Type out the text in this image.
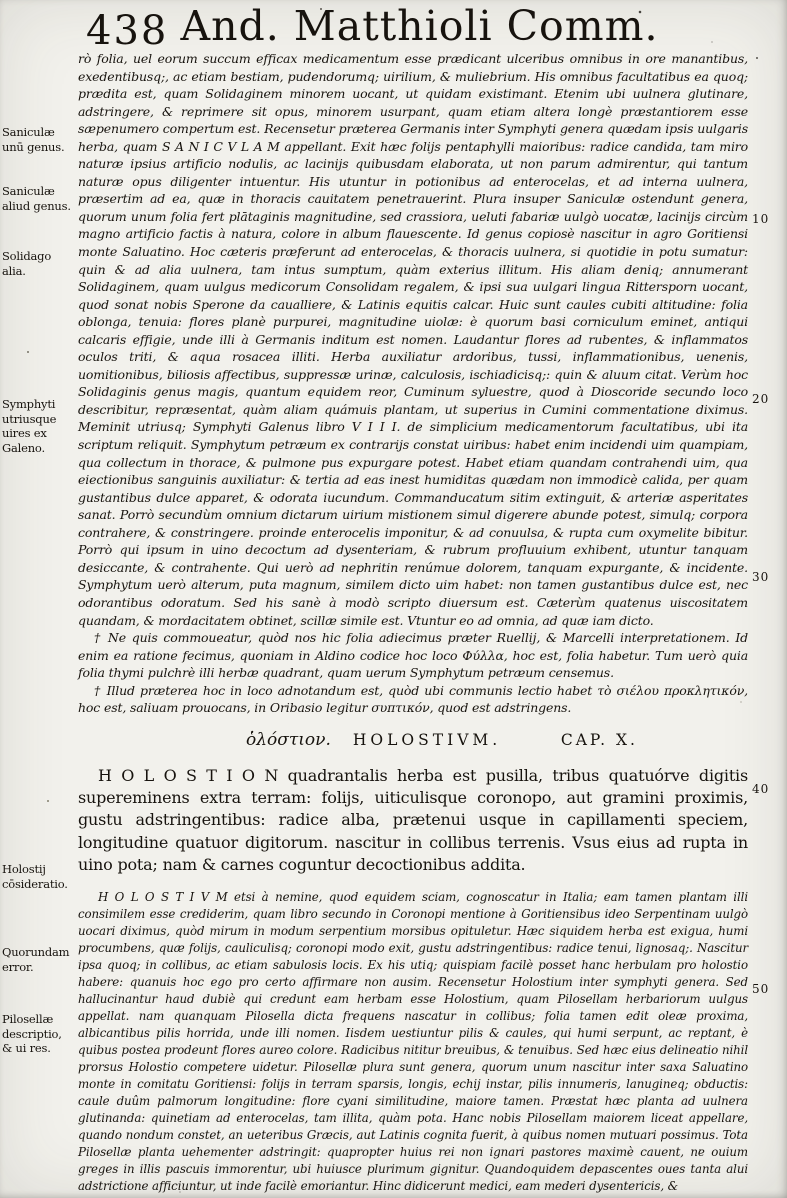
438 And. Matthioli Comm.
Saniculæ unū genus.
Saniculæ aliud genus.
Solidago alia.
Symphyti utriusque uires ex Galeno.
Holostij cōsideratio.
Quorundam error.
Pilosellæ descriptio, & ui res.
10
20
30
40
50

rò folia, uel eorum succum efficax medicamentum esse prædicant ulceribus omnibus in ore manantibus, exedentibusq;, ac etiam bestiam, pudendorumq; uirilium, & muliebrium. His omnibus facultatibus ea quoq; prædita est, quam Solidaginem minorem uocant, ut quidam existimant. Etenim ubi uulnera glutinare, adstringere, & reprimere sit opus, minorem usurpant, quam etiam altera longè præstantiorem esse sæpenumero compertum est. Recensetur præterea Germanis inter Symphyti genera quædam ipsis uulgaris herba, quam S A N I C V L A M appellant. Exit hæc folijs pentaphylli maioribus: radice candida, tam miro naturæ ipsius artificio nodulis, ac lacinijs quibusdam elaborata, ut non parum admirentur, qui tantum naturæ opus diligenter intuentur. His utuntur in potionibus ad enterocelas, et ad interna uulnera, præsertim ad ea, quæ in thoracis cauitatem penetrauerint. Plura insuper Saniculæ ostendunt genera, quorum unum folia fert plātaginis magnitudine, sed crassiora, ueluti fabariæ uulgò uocatæ, lacinijs circùm magno artificio factis à natura, colore in album flauescente. Id genus copiosè nascitur in agro Goritiensi monte Saluatino. Hoc cæteris præferunt ad enterocelas, & thoracis uulnera, si quotidie in potu sumatur: quin & ad alia uulnera, tam intus sumptum, quàm exterius illitum. His aliam deniq; annumerant Solidaginem, quam uulgus medicorum Consolidam regalem, & ipsi sua uulgari lingua Rittersporn uocant, quod sonat nobis Sperone da caualliere, & Latinis equitis calcar. Huic sunt caules cubiti altitudine: folia oblonga, tenuia: flores planè purpurei, magnitudine uiolæ: è quorum basi corniculum eminet, antiqui calcaris effigie, unde illi à Germanis inditum est nomen. Laudantur flores ad rubentes, & inflammatos oculos triti, & aqua rosacea illiti. Herba auxiliatur ardoribus, tussi, inflammationibus, uenenis, uomitionibus, biliosis affectibus, suppressæ urinæ, calculosis, ischiadicisq;: quin & aluum citat. Verùm hoc Solidaginis genus magis, quantum equidem reor, Cuminum syluestre, quod à Dioscoride secundo loco describitur, repræsentat, quàm aliam quámuis plantam, ut superius in Cumini commentatione diximus. Meminit utriusq; Symphyti Galenus libro V I I I. de simplicium medicamentorum facultatibus, ubi ita scriptum reliquit. Symphytum petræum ex contrarijs constat uiribus: habet enim incidendi uim quampiam, qua collectum in thorace, & pulmone pus expurgare potest. Habet etiam quandam contrahendi uim, qua eiectionibus sanguinis auxiliatur: & tertia ad eas inest humiditas quædam non immodicè calida, per quam gustantibus dulce apparet, & odorata iucundum. Commanducatum sitim extinguit, & arteriæ asperitates sanat. Porrò secundùm omnium dictarum uirium mistionem simul digerere abunde potest, simulq; corpora contrahere, & constringere. proinde enterocelis imponitur, & ad conuulsa, & rupta cum oxymelite bibitur. Porrò qui ipsum in uino decoctum ad dysenteriam, & rubrum profluuium exhibent, utuntur tanquam desiccante, & contrahente. Qui uerò ad nephritin renúmue dolorem, tanquam expurgante, & incidente. Symphytum uerò alterum, puta magnum, similem dicto uim habet: non tamen gustantibus dulce est, nec odorantibus odoratum. Sed his sanè à modò scripto diuersum est. Cæterùm quatenus uiscositatem quandam, & mordacitatem obtinet, scillæ simile est. Vtuntur eo ad omnia, ad quæ iam dicto.

† Ne quis commoueatur, quòd nos hic folia adiecimus præter Ruellij, & Marcelli interpretationem. Id enim ea ratione fecimus, quoniam in Aldino codice hoc loco Φύλλα, hoc est, folia habetur. Tum uerò quia folia thymi pulchrè illi herbæ quadrant, quam uerum Symphytum petræum censemus.

† Illud præterea hoc in loco adnotandum est, quòd ubi communis lectio habet τὸ σιέλου προκλητικόν, hoc est, saliuam prouocans, in Oribasio legitur συπτικόν, quod est adstringens.

ὁλόστιον. HOLOSTIVM.	CAP. X.

H O L O S T I O N quadrantalis herba est pusilla, tribus quatuórve digitis supereminens extra terram: folijs, uiticulisque coronopo, aut gramini proximis, gustu adstringentibus: radice alba, prætenui usque in capillamenti speciem, longitudine quatuor digitorum. nascitur in collibus terrenis. Vsus eius ad rupta in uino pota; nam & carnes coguntur decoctionibus addita.

H O L O S T I V M etsi à nemine, quod equidem sciam, cognoscatur in Italia; eam tamen plantam illi consimilem esse crediderim, quam libro secundo in Coronopi mentione à Goritiensibus ideo Serpentinam uulgò uocari diximus, quòd mirum in modum serpentium morsibus opituletur. Hæc siquidem herba est exigua, humi procumbens, quæ folijs, cauliculisq; coronopi modo exit, gustu adstringentibus: radice tenui, lignosaq;. Nascitur ipsa quoq; in collibus, ac etiam sabulosis locis. Ex his utiq; quispiam facilè posset hanc herbulam pro holostio habere: quanuis hoc ego pro certo affirmare non ausim. Recensetur Holostium inter symphyti genera. Sed hallucinantur haud dubiè qui credunt eam herbam esse Holostium, quam Pilosellam herbariorum uulgus appellat. nam quanquam Pilosella dicta frequens nascatur in collibus; folia tamen edit oleæ proxima, albicantibus pilis horrida, unde illi nomen. Iisdem uestiuntur pilis & caules, qui humi serpunt, ac reptant, è quibus postea prodeunt flores aureo colore. Radicibus nititur breuibus, & tenuibus. Sed hæc eius delineatio nihil prorsus Holostio competere uidetur. Pilosellæ plura sunt genera, quorum unum nascitur inter saxa Saluatino monte in comitatu Goritiensi: folijs in terram sparsis, longis, echij instar, pilis innumeris, lanugineq; obductis: caule duûm palmorum longitudine: flore cyani similitudine, maiore tamen. Præstat hæc planta ad uulnera glutinanda: quinetiam ad enterocelas, tam illita, quàm pota. Hanc nobis Pilosellam maiorem liceat appellare, quando nondum constet, an ueteribus Græcis, aut Latinis cognita fuerit, à quibus nomen mutuari possimus. Tota Pilosellæ planta uehementer adstringit: quapropter huius rei non ignari pastores maximè cauent, ne ouium greges in illis pascuis immorentur, ubi huiusce plurimum gignitur. Quandoquidem depascentes oues tanta alui adstrictione afficiuntur, ut inde facilè emoriantur. Hinc didicerunt medici, eam mederi dysentericis, &
